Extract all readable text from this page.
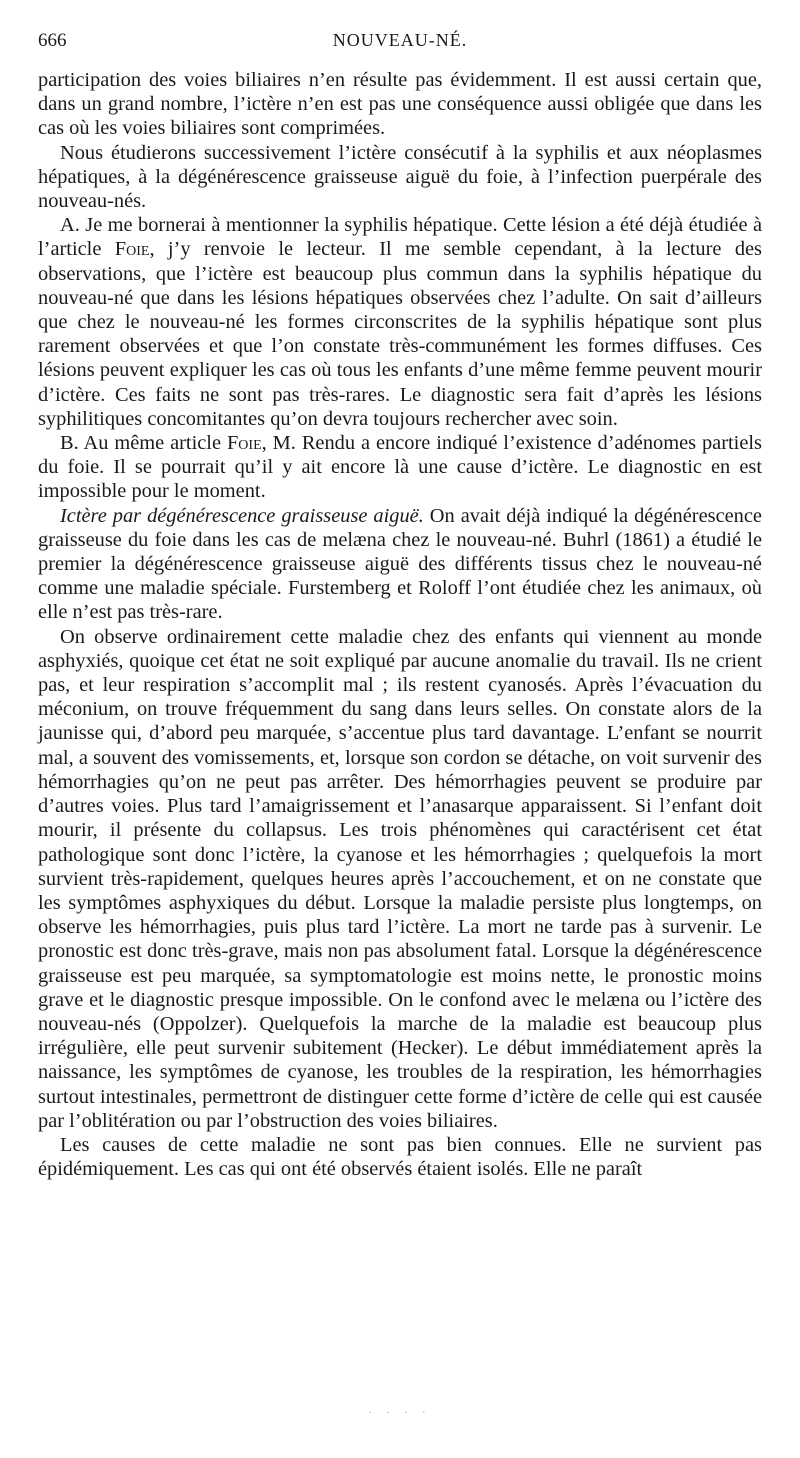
666	NOUVEAU-NÉ.

participation des voies biliaires n’en résulte pas évidemment. Il est aussi certain que, dans un grand nombre, l’ictère n’en est pas une conséquence aussi obligée que dans les cas où les voies biliaires sont comprimées.

Nous étudierons successivement l’ictère consécutif à la syphilis et aux néoplasmes hépatiques, à la dégénérescence graisseuse aiguë du foie, à l’infection puerpérale des nouveau-nés.

A. Je me bornerai à mentionner la syphilis hépatique. Cette lésion a été déjà étudiée à l’article Foie, j’y renvoie le lecteur. Il me semble cependant, à la lecture des observations, que l’ictère est beaucoup plus commun dans la syphilis hépatique du nouveau-né que dans les lésions hépatiques observées chez l’adulte. On sait d’ailleurs que chez le nouveau-né les formes circonscrites de la syphilis hépatique sont plus rarement observées et que l’on constate très-communément les formes diffuses. Ces lésions peuvent expliquer les cas où tous les enfants d’une même femme peuvent mourir d’ictère. Ces faits ne sont pas très-rares. Le diagnostic sera fait d’après les lésions syphilitiques concomitantes qu’on devra toujours rechercher avec soin.

B. Au même article Foie, M. Rendu a encore indiqué l’existence d’adénomes partiels du foie. Il se pourrait qu’il y ait encore là une cause d’ictère. Le diagnostic en est impossible pour le moment.

Ictère par dégénérescence graisseuse aiguë. On avait déjà indiqué la dégénérescence graisseuse du foie dans les cas de melæna chez le nouveau-né. Buhrl (1861) a étudié le premier la dégénérescence graisseuse aiguë des différents tissus chez le nouveau-né comme une maladie spéciale. Furstemberg et Roloff l’ont étudiée chez les animaux, où elle n’est pas très-rare.

On observe ordinairement cette maladie chez des enfants qui viennent au monde asphyxiés, quoique cet état ne soit expliqué par aucune anomalie du travail. Ils ne crient pas, et leur respiration s’accomplit mal ; ils restent cyanosés. Après l’évacuation du méconium, on trouve fréquemment du sang dans leurs selles. On constate alors de la jaunisse qui, d’abord peu marquée, s’accentue plus tard davantage. L’enfant se nourrit mal, a souvent des vomissements, et, lorsque son cordon se détache, on voit survenir des hémorrhagies qu’on ne peut pas arrêter. Des hémorrhagies peuvent se produire par d’autres voies. Plus tard l’amaigrissement et l’anasarque apparaissent. Si l’enfant doit mourir, il présente du collapsus. Les trois phénomènes qui caractérisent cet état pathologique sont donc l’ictère, la cyanose et les hémorrhagies ; quelquefois la mort survient très-rapidement, quelques heures après l’accouchement, et on ne constate que les symptômes asphyxiques du début. Lorsque la maladie persiste plus longtemps, on observe les hémorrhagies, puis plus tard l’ictère. La mort ne tarde pas à survenir. Le pronostic est donc très-grave, mais non pas absolument fatal. Lorsque la dégénérescence graisseuse est peu marquée, sa symptomatologie est moins nette, le pronostic moins grave et le diagnostic presque impossible. On le confond avec le melæna ou l’ictère des nouveau-nés (Oppolzer). Quelquefois la marche de la maladie est beaucoup plus irrégulière, elle peut survenir subitement (Hecker). Le début immédiatement après la naissance, les symptômes de cyanose, les troubles de la respiration, les hémorrhagies surtout intestinales, permettront de distinguer cette forme d’ictère de celle qui est causée par l’oblitération ou par l’obstruction des voies biliaires.

Les causes de cette maladie ne sont pas bien connues. Elle ne survient pas épidémiquement. Les cas qui ont été observés étaient isolés. Elle ne paraît

· · · ·
